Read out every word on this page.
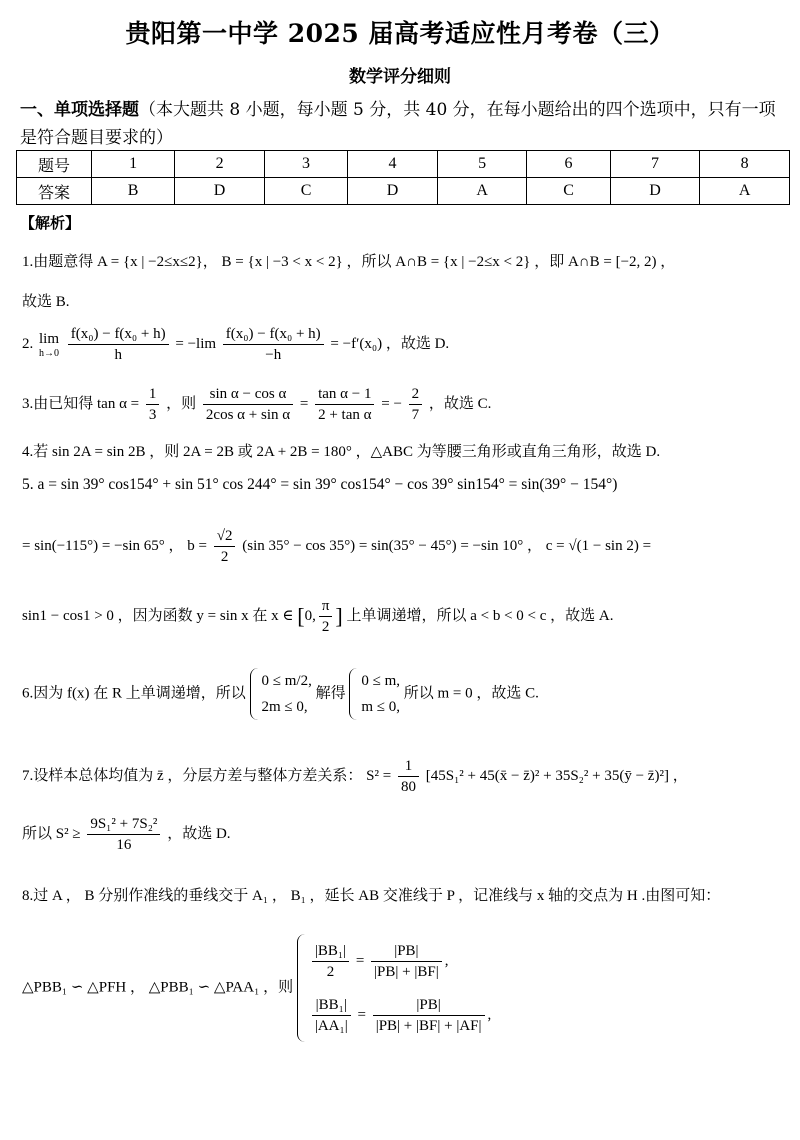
贵阳第一中学 2025 届高考适应性月考卷（三）
数学评分细则
一、单项选择题（本大题共 8 小题，每小题 5 分，共 40 分，在每小题给出的四个选项中，只有一项是符合题目要求的）
题号	1	2	3	4	5	6	7	8
答案	B	D	C	D	A	C	D	A
【解析】
1.由题意得 A = {x | −2≤x≤2}， B = {x | −3 < x < 2} ，所以 A∩B = {x | −2≤x < 2} ，即 A∩B = [−2, 2) ，
故选 B.
2. lim
h→0
$\frac{\text{f(x₀) − f(x₀ + h)}}{h} = -\lim \frac{\text{f(x₀) − f(x₀ + h)}}{-h} = -f'(x_0)$ ，故选 D.
3.由已知得 $\tan \alpha = \frac{1}{3}$ ，则 $\frac{\text{sin α − cos α}}{\text{2cos α + sin α}} = \frac{\text{tan α − 1}}{\text{2 + tan α}}$ = − $\frac{2}{7}$ ，故选 C.
4.若 sin 2A = sin 2B ，则 2A = 2B 或 2A + 2B = 180° ，△ABC 为等腰三角形或直角三角形，故选 D.
5. a = sin 39° cos154° + sin 51° cos 244° = sin 39° cos154° − cos 39° sin154° = sin(39° − 154°)
= sin(−115°) = −sin 65° ， $b = \frac{√2}{2} (\sin$ 35° − cos 35°) = sin(35° − 45°) = −sin 10° ， c = √(1 − sin 2) =
sin1 − cos1 > 0 ，因为函数 y = sin x 在 x ∈ [0, $\frac{\pi}{2}$ ] 上单调递增，所以 a < b < 0 < c ，故选 A.
6.因为 f(x) 在 R 上单调递增，所以
0 ≤ m/2,
2m ≤ 0,
解得
0 ≤ m,
m ≤ 0,
所以 m = 0 ，故选 C.
7.设样本总体均值为 z̄ ，分层方差与整体方差关系： $S^2 = \frac{1}{80} [45S_1^2$ + 45(x̄ − z̄)² + 35S₂² + 35(ȳ − z̄)²] ，
所以 $S^2 \ge \frac{\text{9S₁² + 7S₂²}}{16}$ ，故选 D.
8.过 A ， B 分别作准线的垂线交于 A₁ ， B₁ ，延长 AB 交准线于 P ，记准线与 x 轴的交点为 H .由图可知：
△PBB₁ ∽ △PFH ， △PBB₁ ∽ △PAA₁ ，则
$\frac{\text{|BB₁|}}{2} = \frac{|PB|}{|PB| + |BF|}$ ,
$\frac{\text{|BB₁|}}{\text{|AA₁|}} = \frac{|PB|}{|PB| + |BF| + |AF|}$ ,
